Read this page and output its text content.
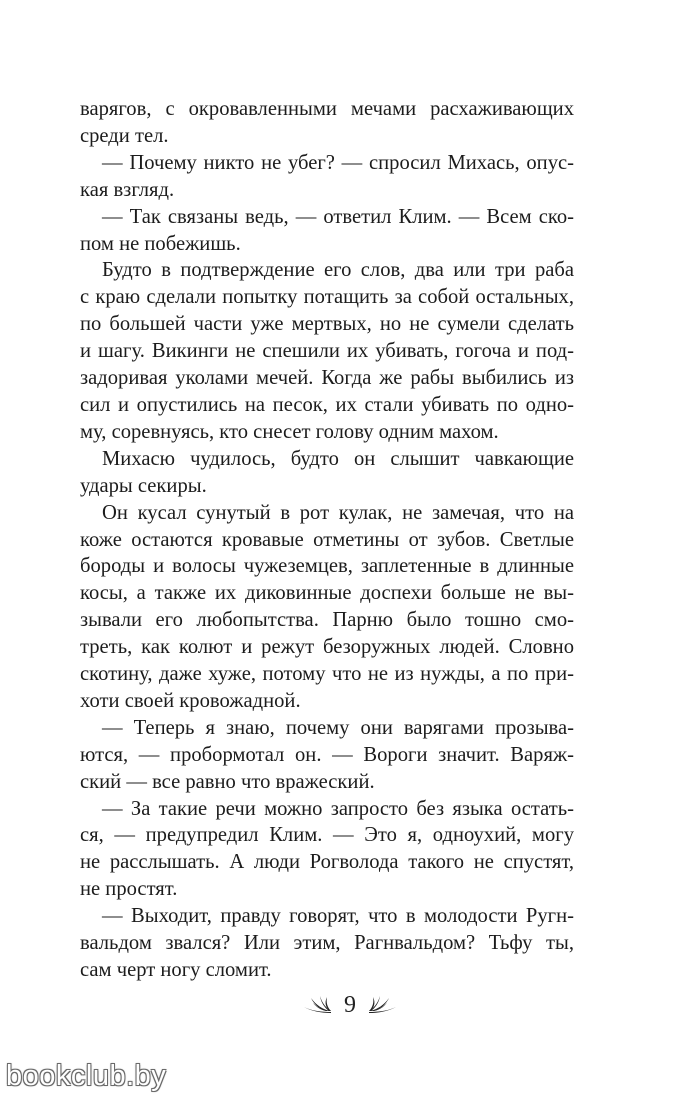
варягов, с окровавленными мечами расхаживающих
среди тел.

— Почему никто не убег? — спросил Михась, опус-
кая взгляд.

— Так связаны ведь, — ответил Клим. — Всем ско-
пом не побежишь.

Будто в подтверждение его слов, два или три раба
с краю сделали попытку потащить за собой остальных,
по большей части уже мертвых, но не сумели сделать
и шагу. Викинги не спешили их убивать, гогоча и под-
задоривая уколами мечей. Когда же рабы выбились из
сил и опустились на песок, их стали убивать по одно-
му, соревнуясь, кто снесет голову одним махом.

Михасю чудилось, будто он слышит чавкающие
удары секиры.

Он кусал сунутый в рот кулак, не замечая, что на
коже остаются кровавые отметины от зубов. Светлые
бороды и волосы чужеземцев, заплетенные в длинные
косы, а также их диковинные доспехи больше не вы-
зывали его любопытства. Парню было тошно смо-
треть, как колют и режут безоружных людей. Словно
скотину, даже хуже, потому что не из нужды, а по при-
хоти своей кровожадной.

— Теперь я знаю, почему они варягами прозыва-
ются, — пробормотал он. — Вороги значит. Варяж-
ский — все равно что вражеский.

— За такие речи можно запросто без языка остать-
ся, — предупредил Клим. — Это я, одноухий, могу
не расслышать. А люди Рогволода такого не спустят,
не простят.

— Выходит, правду говорят, что в молодости Ругн-
вальдом звался? Или этим, Рагнвальдом? Тьфу ты,
сам черт ногу сломит.

9
bookclub.by
